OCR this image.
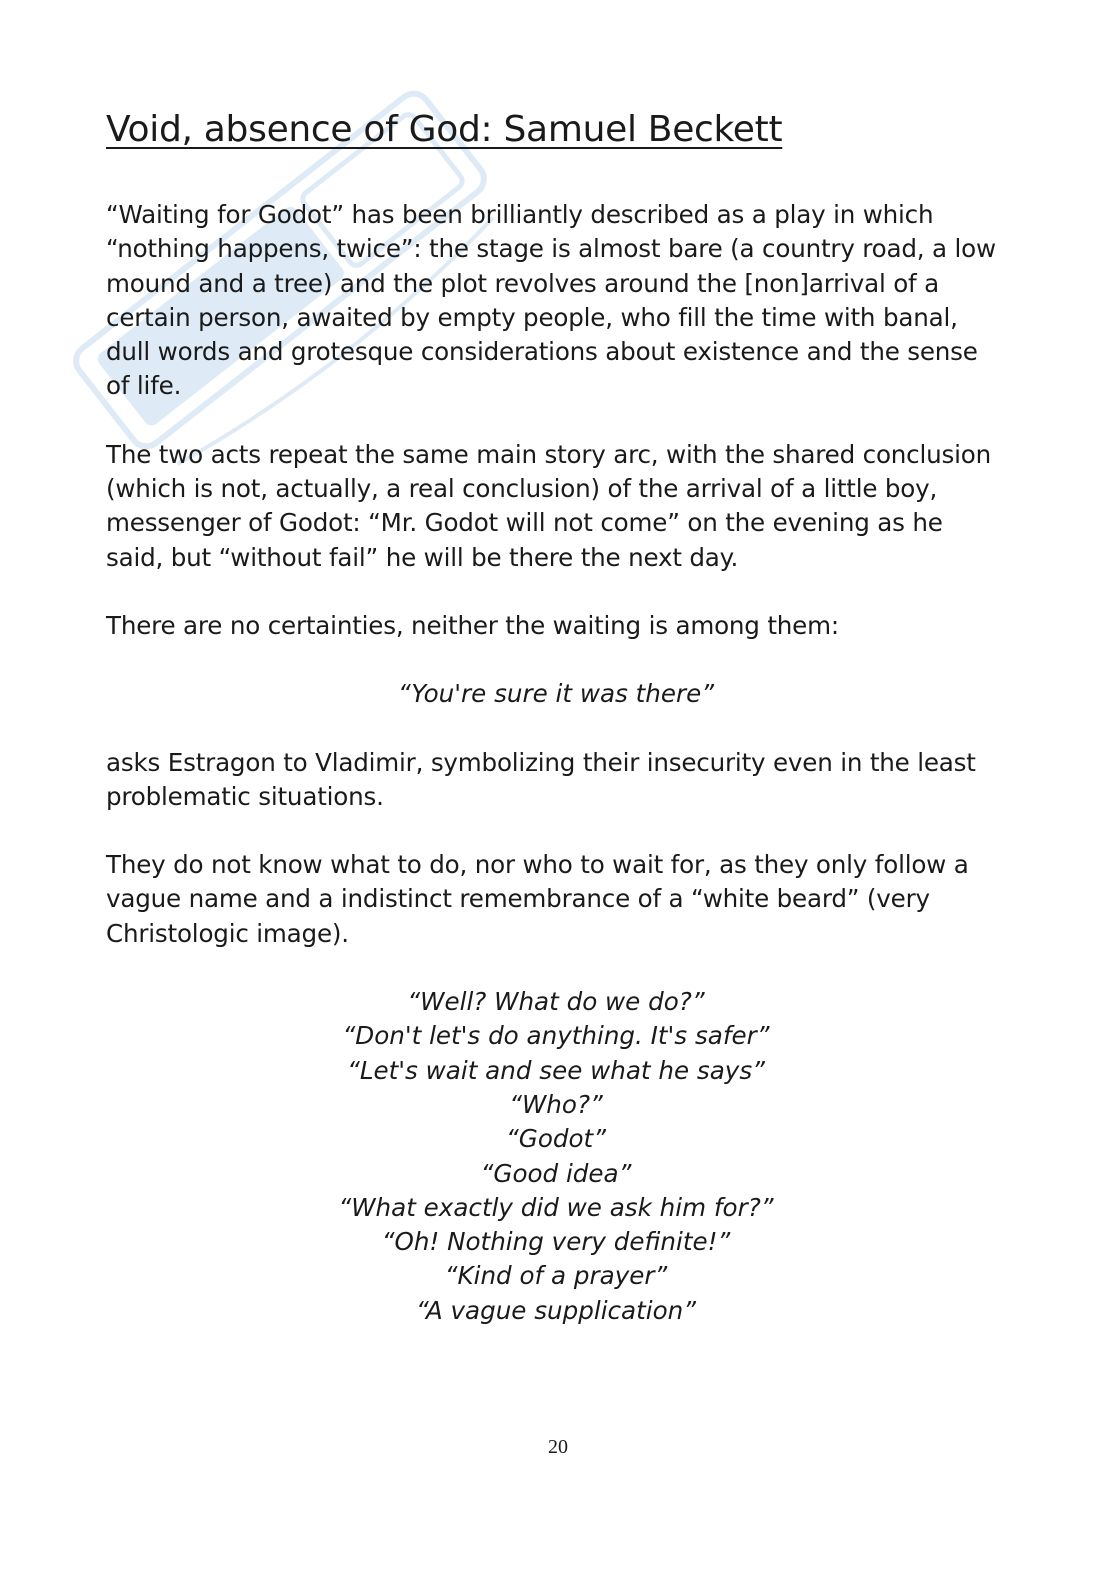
Void, absence of God: Samuel Beckett

“Waiting for Godot” has been brilliantly described as a play in which “nothing happens, twice”: the stage is almost bare (a country road, a low mound and a tree) and the plot revolves around the [non]arrival of a certain person, awaited by empty people, who fill the time with banal, dull words and grotesque considerations about existence and the sense of life.

The two acts repeat the same main story arc, with the shared conclusion (which is not, actually, a real conclusion) of the arrival of a little boy, messenger of Godot: “Mr. Godot will not come” on the evening as he said, but “without fail” he will be there the next day.

There are no certainties, neither the waiting is among them:

“You're sure it was there”

asks Estragon to Vladimir, symbolizing their insecurity even in the least problematic situations.

They do not know what to do, nor who to wait for, as they only follow a vague name and a indistinct remembrance of a “white beard” (very Christologic image).

“Well? What do we do?”
“Don't let's do anything. It's safer”
“Let's wait and see what he says”
“Who?”
“Godot”
“Good idea”
“What exactly did we ask him for?”
“Oh! Nothing very definite!”
“Kind of a prayer”
“A vague supplication”
20
